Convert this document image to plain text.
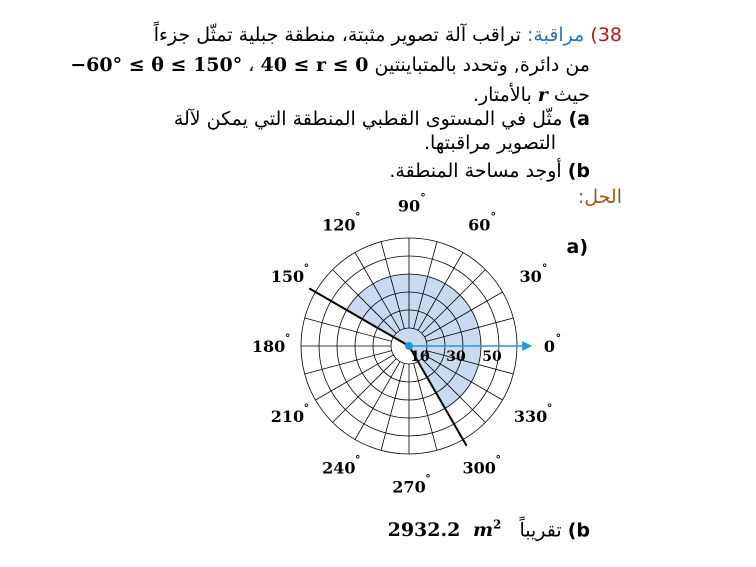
38) مراقبة: تراقب آلة تصوير مثبتة، منطقة جبلية تمثّل جزءاً
من دائرة, وتحدد بالمتباينتين 40 ≤ r ≤ 0 ، −60° ≤ θ ≤ 150°
حيث r بالأمتار.
a) مثّل في المستوى القطبي المنطقة التي يمكن لآلة
التصوير مراقبتها.
b) أوجد مساحة المنطقة.
الحل:
(a
10 30 50
0 °
30 °
60 °
90 °
120 °
150 °
180 °
210 °
240 °
270 °
300 °
330 °
b) تقريباً 2932.2 $m^2$
